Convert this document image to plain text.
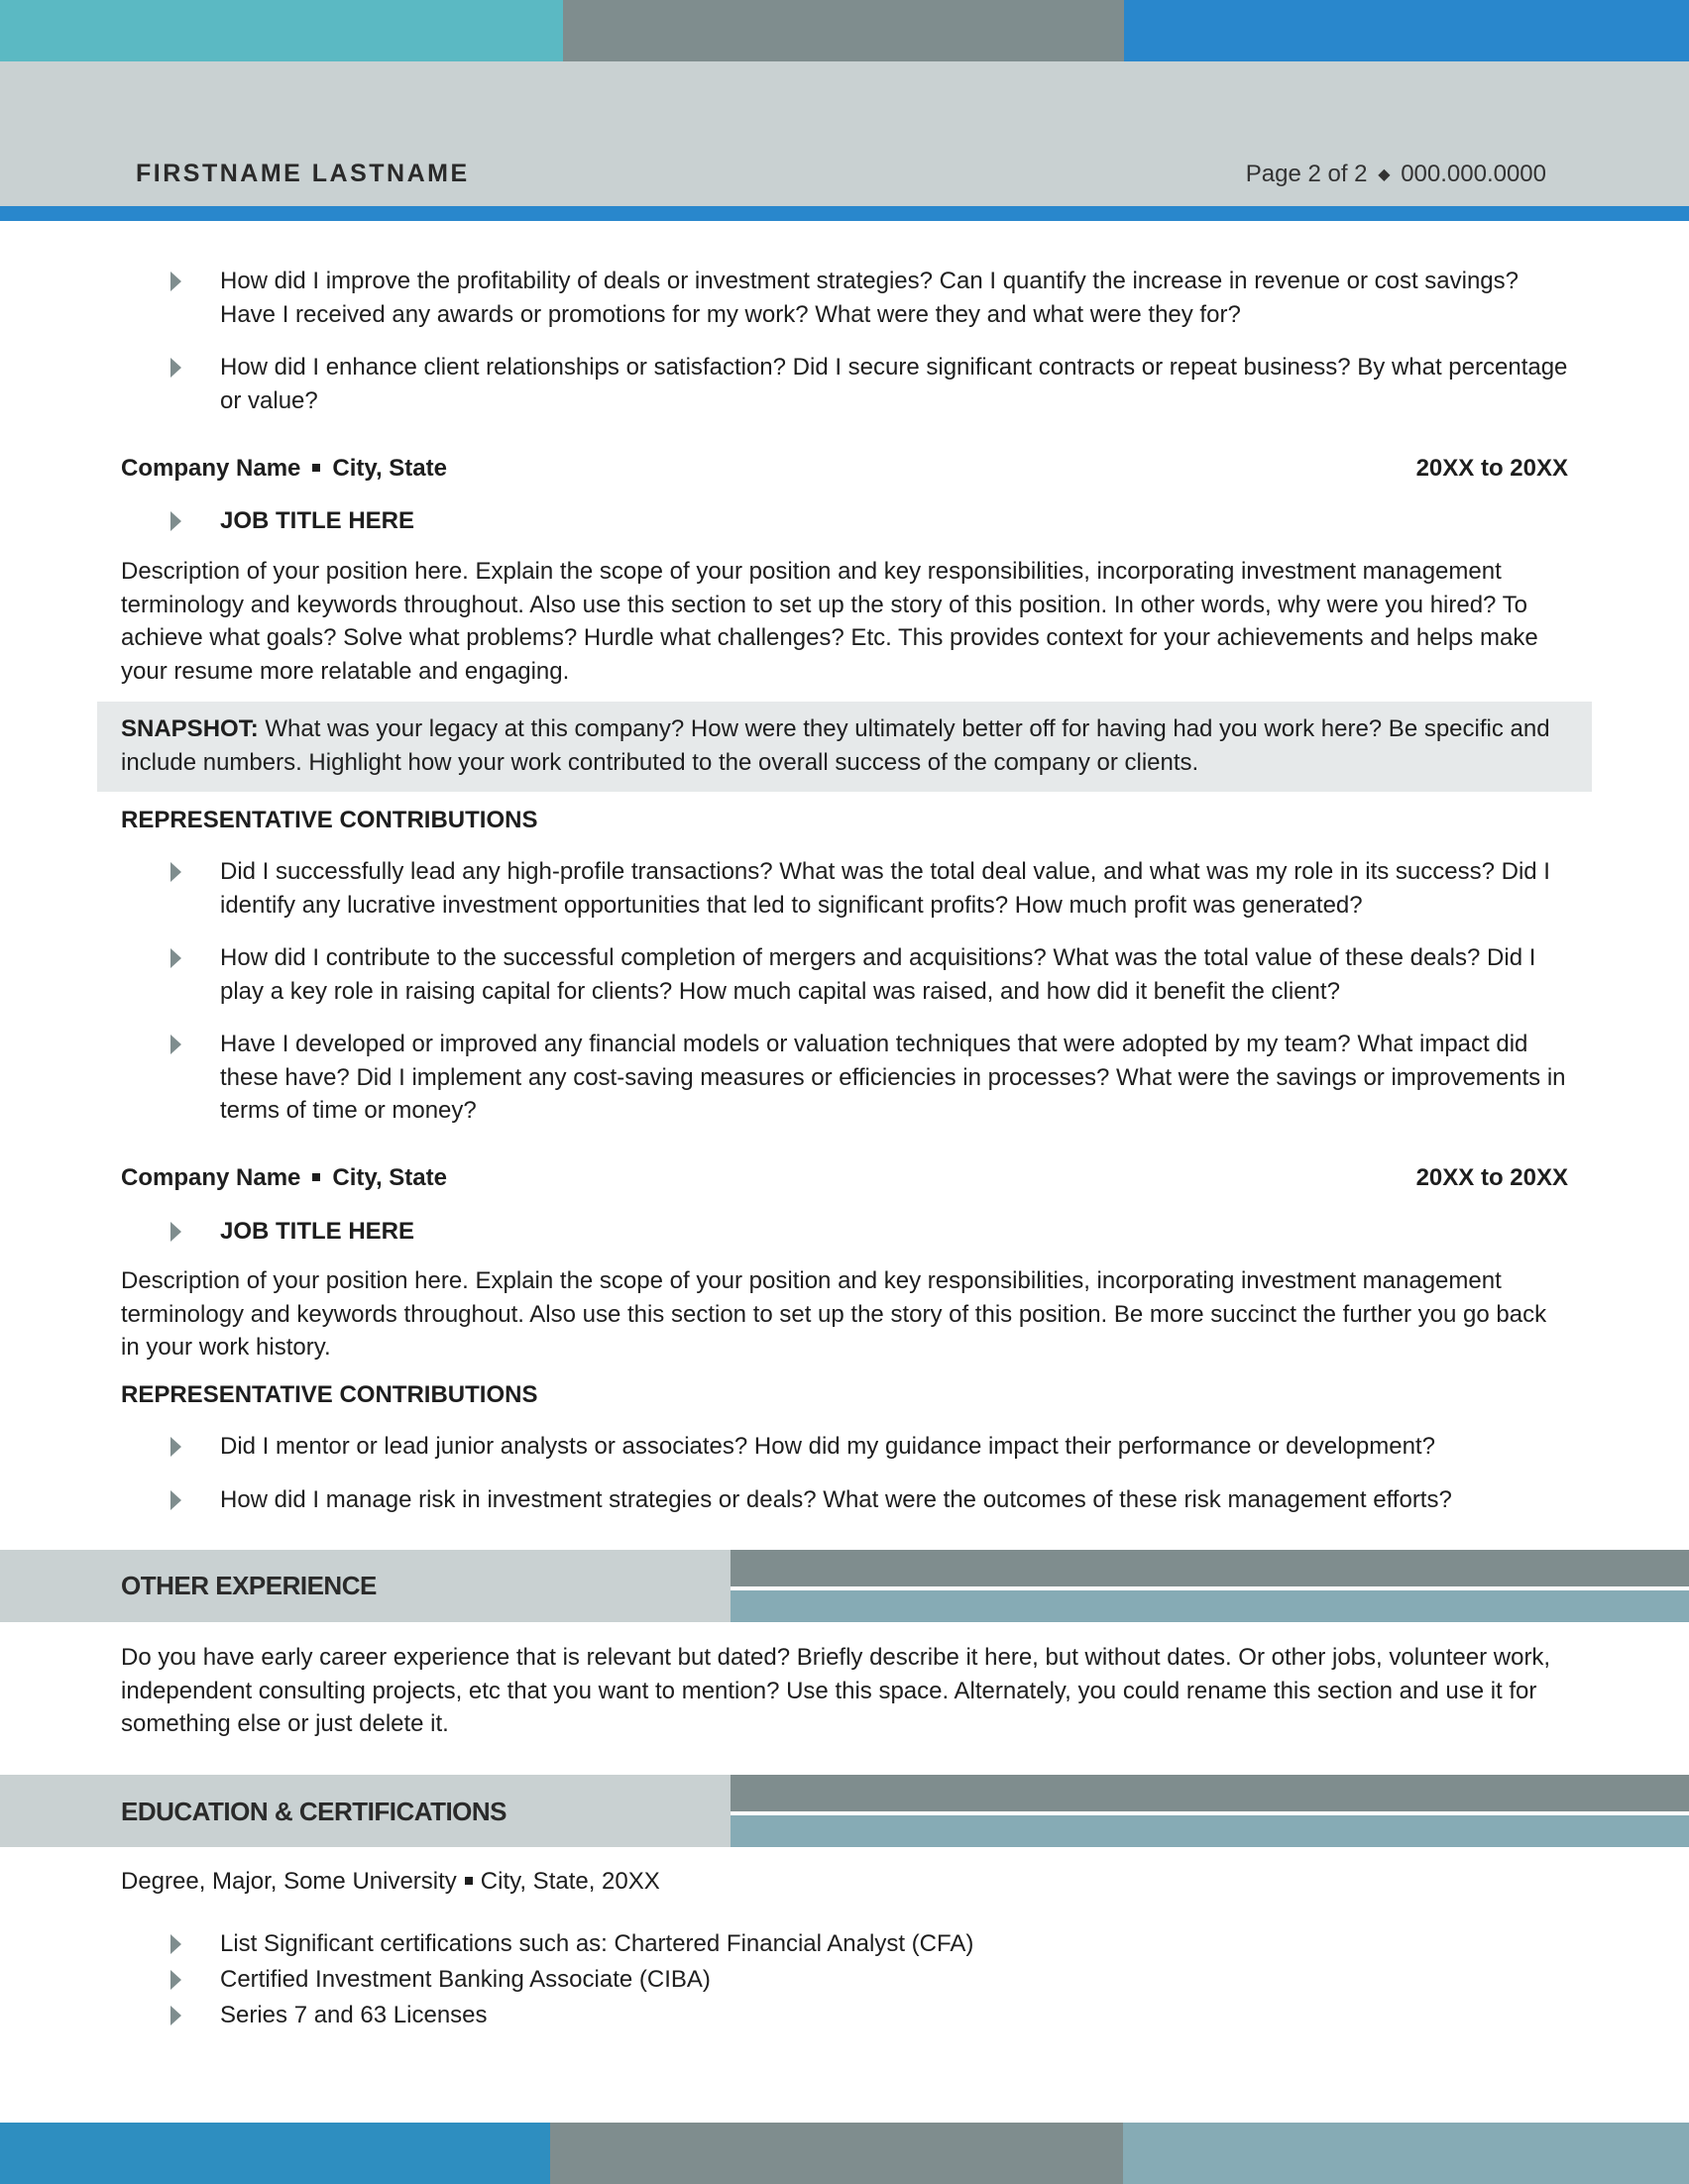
FIRSTNAME LASTNAME	Page 2 of 2 ◆ 000.000.0000
How did I improve the profitability of deals or investment strategies? Can I quantify the increase in revenue or cost savings? Have I received any awards or promotions for my work? What were they and what were they for?
How did I enhance client relationships or satisfaction? Did I secure significant contracts or repeat business? By what percentage or value?
Company Name City, State	20XX to 20XX
JOB TITLE HERE
Description of your position here. Explain the scope of your position and key responsibilities, incorporating investment management terminology and keywords throughout. Also use this section to set up the story of this position. In other words, why were you hired? To achieve what goals? Solve what problems? Hurdle what challenges? Etc. This provides context for your achievements and helps make your resume more relatable and engaging.
SNAPSHOT: What was your legacy at this company? How were they ultimately better off for having had you work here? Be specific and include numbers. Highlight how your work contributed to the overall success of the company or clients.
REPRESENTATIVE CONTRIBUTIONS
Did I successfully lead any high-profile transactions? What was the total deal value, and what was my role in its success? Did I identify any lucrative investment opportunities that led to significant profits? How much profit was generated?
How did I contribute to the successful completion of mergers and acquisitions? What was the total value of these deals? Did I play a key role in raising capital for clients? How much capital was raised, and how did it benefit the client?
Have I developed or improved any financial models or valuation techniques that were adopted by my team? What impact did these have? Did I implement any cost-saving measures or efficiencies in processes? What were the savings or improvements in terms of time or money?
Company Name City, State	20XX to 20XX
JOB TITLE HERE
Description of your position here. Explain the scope of your position and key responsibilities, incorporating investment management terminology and keywords throughout. Also use this section to set up the story of this position. Be more succinct the further you go back in your work history.
REPRESENTATIVE CONTRIBUTIONS
Did I mentor or lead junior analysts or associates? How did my guidance impact their performance or development?
How did I manage risk in investment strategies or deals? What were the outcomes of these risk management efforts?
OTHER EXPERIENCE
Do you have early career experience that is relevant but dated? Briefly describe it here, but without dates. Or other jobs, volunteer work, independent consulting projects, etc that you want to mention? Use this space. Alternately, you could rename this section and use it for something else or just delete it.
EDUCATION & CERTIFICATIONS
Degree, Major, Some University City, State, 20XX
List Significant certifications such as: Chartered Financial Analyst (CFA)
Certified Investment Banking Associate (CIBA)
Series 7 and 63 Licenses
